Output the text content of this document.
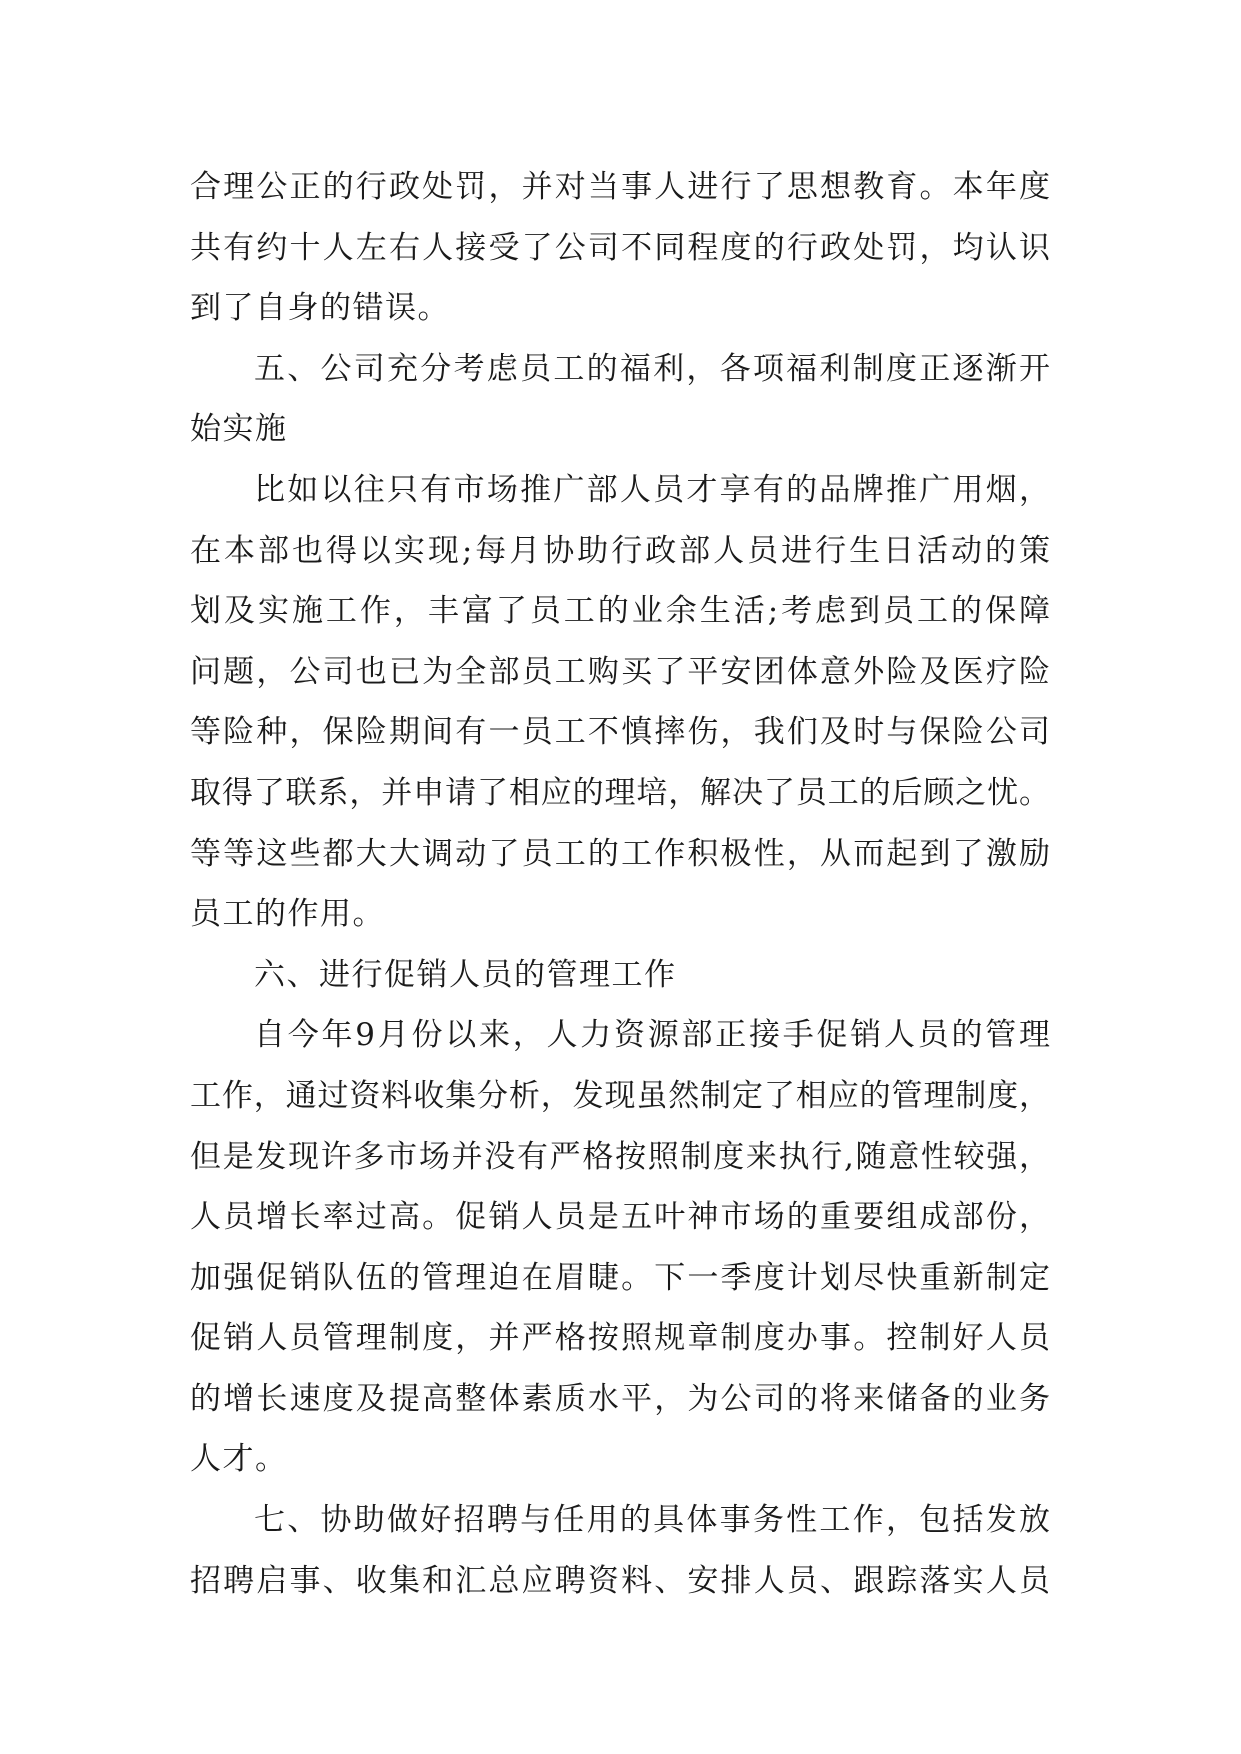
合理公正的行政处罚，并对当事人进行了思想教育。本年度
共有约十人左右人接受了公司不同程度的行政处罚，均认识
到了自身的错误。
五、公司充分考虑员工的福利，各项福利制度正逐渐开
始实施
比如以往只有市场推广部人员才享有的品牌推广用烟，
在本部也得以实现;每月协助行政部人员进行生日活动的策
划及实施工作，丰富了员工的业余生活;考虑到员工的保障
问题，公司也已为全部员工购买了平安团体意外险及医疗险
等险种，保险期间有一员工不慎摔伤，我们及时与保险公司
取得了联系，并申请了相应的理培，解决了员工的后顾之忧。
等等这些都大大调动了员工的工作积极性，从而起到了激励
员工的作用。
六、进行促销人员的管理工作
自今年9月份以来，人力资源部正接手促销人员的管理
工作，通过资料收集分析，发现虽然制定了相应的管理制度，
但是发现许多市场并没有严格按照制度来执行,随意性较强，
人员增长率过高。促销人员是五叶神市场的重要组成部份，
加强促销队伍的管理迫在眉睫。下一季度计划尽快重新制定
促销人员管理制度，并严格按照规章制度办事。控制好人员
的增长速度及提高整体素质水平，为公司的将来储备的业务
人才。
七、协助做好招聘与任用的具体事务性工作，包括发放
招聘启事、收集和汇总应聘资料、安排人员、跟踪落实人员
